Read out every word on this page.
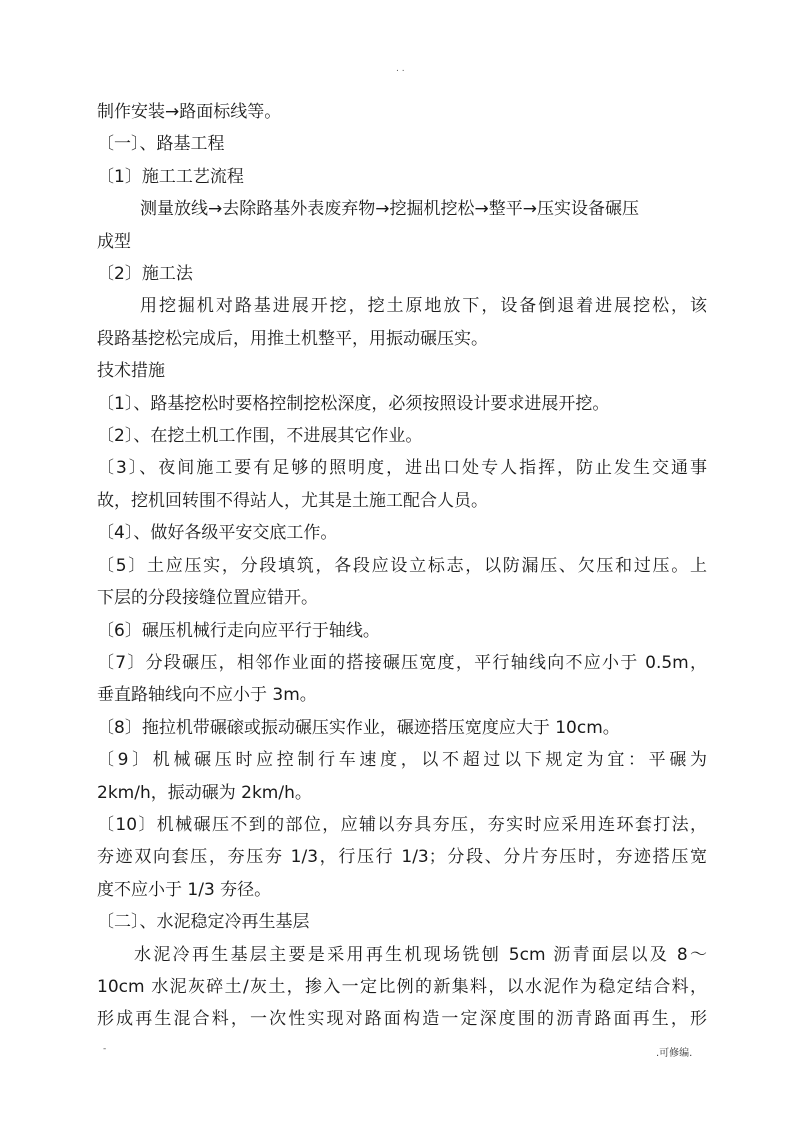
. .

制作安装→路面标线等。

〔一〕、路基工程

〔1〕施工工艺流程

测量放线→去除路基外表废弃物→挖掘机挖松→整平→压实设备碾压

成型

〔2〕施工法

用挖掘机对路基进展开挖，挖土原地放下，设备倒退着进展挖松，该

段路基挖松完成后，用推土机整平，用振动碾压实。

技术措施

〔1〕、路基挖松时要格控制挖松深度，必须按照设计要求进展开挖。

〔2〕、在挖土机工作围，不进展其它作业。

〔3〕、夜间施工要有足够的照明度，进出口处专人指挥，防止发生交通事

故，挖机回转围不得站人，尤其是土施工配合人员。

〔4〕、做好各级平安交底工作。

〔5〕土应压实，分段填筑，各段应设立标志，以防漏压、欠压和过压。上

下层的分段接缝位置应错开。

〔6〕碾压机械行走向应平行于轴线。

〔7〕分段碾压，相邻作业面的搭接碾压宽度，平行轴线向不应小于 0.5m，

垂直路轴线向不应小于 3m。

〔8〕拖拉机带碾磙或振动碾压实作业，碾迹搭压宽度应大于 10cm。

〔9〕机械碾压时应控制行车速度，以不超过以下规定为宜：平碾为

2km/h，振动碾为 2km/h。

〔10〕机械碾压不到的部位，应辅以夯具夯压，夯实时应采用连环套打法，

夯迹双向套压，夯压夯 1/3，行压行 1/3；分段、分片夯压时，夯迹搭压宽

度不应小于 1/3 夯径。

〔二〕、水泥稳定冷再生基层

水泥冷再生基层主要是采用再生机现场铣刨 5cm 沥青面层以及 8～

10cm 水泥灰碎土/灰土，掺入一定比例的新集料，以水泥作为稳定结合料，

形成再生混合料，一次性实现对路面构造一定深度围的沥青路面再生，形

-	.可修编.
